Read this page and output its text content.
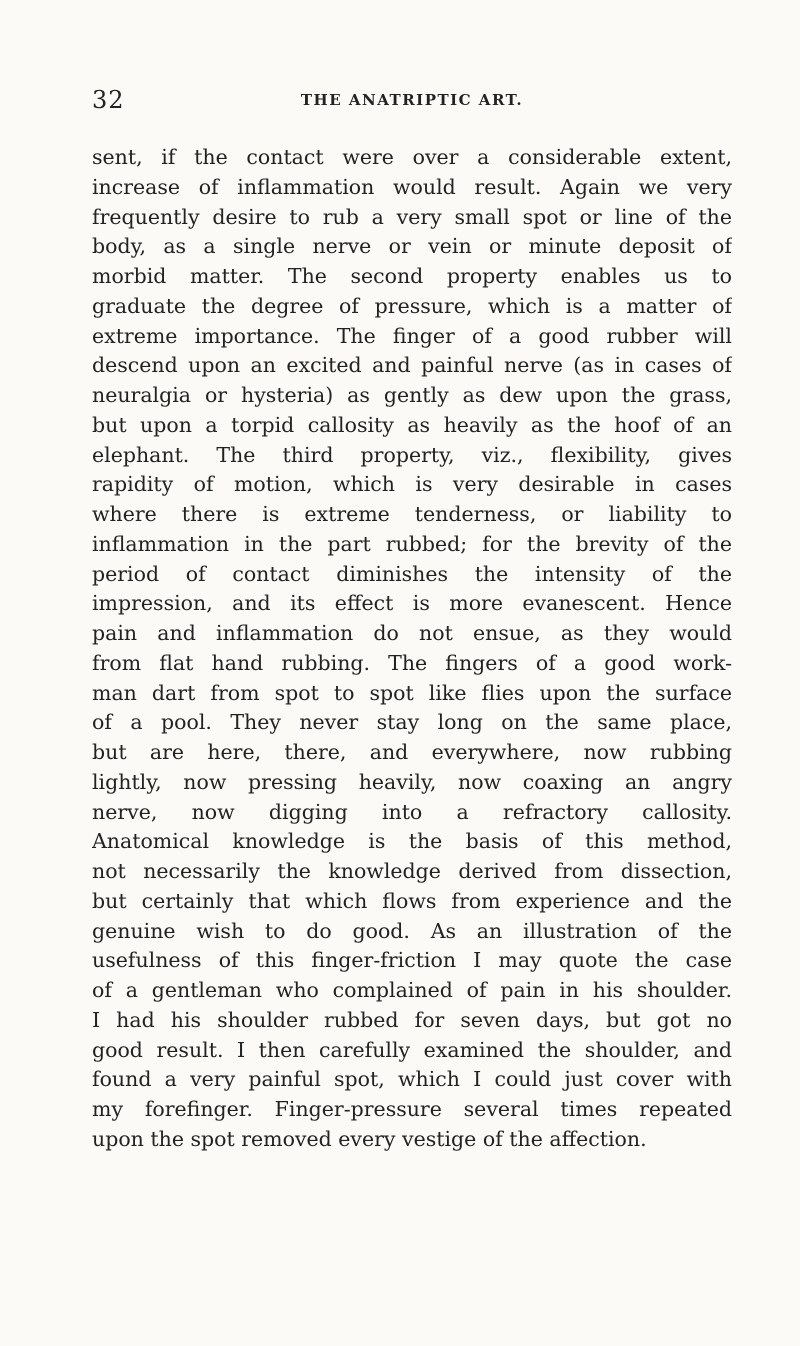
32	THE ANATRIPTIC ART.
sent, if the contact were over a considerable extent,
increase of inflammation would result. Again we very
frequently desire to rub a very small spot or line of the
body, as a single nerve or vein or minute deposit of
morbid matter. The second property enables us to
graduate the degree of pressure, which is a matter of
extreme importance. The finger of a good rubber will
descend upon an excited and painful nerve (as in cases of
neuralgia or hysteria) as gently as dew upon the grass,
but upon a torpid callosity as heavily as the hoof of an
elephant. The third property, viz., flexibility, gives
rapidity of motion, which is very desirable in cases
where there is extreme tenderness, or liability to
inflammation in the part rubbed; for the brevity of the
period of contact diminishes the intensity of the
impression, and its effect is more evanescent. Hence
pain and inflammation do not ensue, as they would
from flat hand rubbing. The fingers of a good work-
man dart from spot to spot like flies upon the surface
of a pool. They never stay long on the same place,
but are here, there, and everywhere, now rubbing
lightly, now pressing heavily, now coaxing an angry
nerve, now digging into a refractory callosity.
Anatomical knowledge is the basis of this method,
not necessarily the knowledge derived from dissection,
but certainly that which flows from experience and the
genuine wish to do good. As an illustration of the
usefulness of this finger-friction I may quote the case
of a gentleman who complained of pain in his shoulder.
I had his shoulder rubbed for seven days, but got no
good result. I then carefully examined the shoulder, and
found a very painful spot, which I could just cover with
my forefinger. Finger-pressure several times repeated
upon the spot removed every vestige of the affection.
